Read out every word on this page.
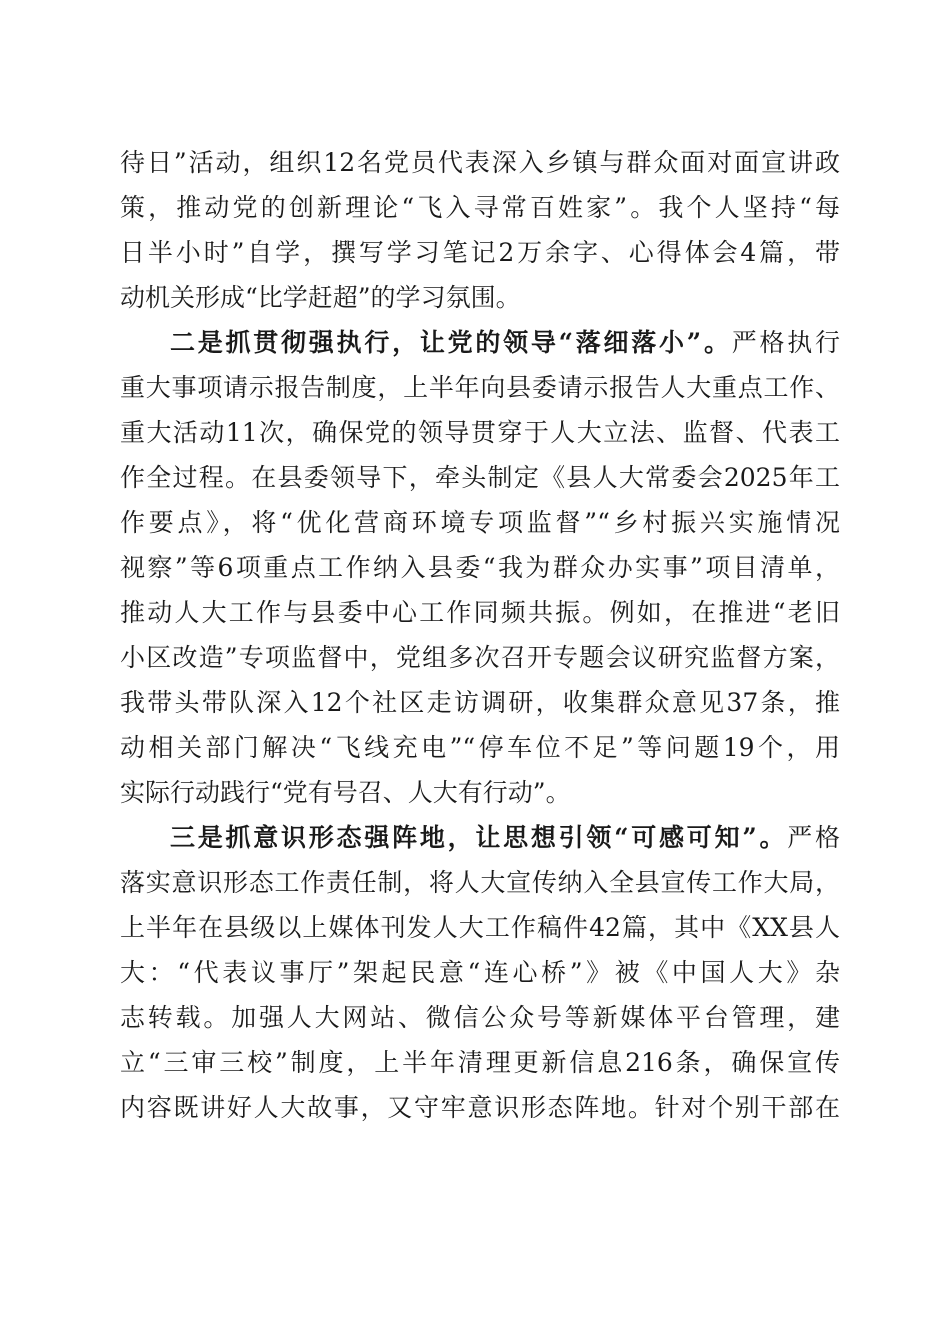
待日”活动，组织12名党员代表深入乡镇与群众面对面宣讲政
策，推动党的创新理论“飞入寻常百姓家”。我个人坚持“每
日半小时”自学，撰写学习笔记2万余字、心得体会4篇，带
动机关形成“比学赶超”的学习氛围。
二是抓贯彻强执行，让党的领导“落细落小”。严格执行
重大事项请示报告制度，上半年向县委请示报告人大重点工作、
重大活动11次，确保党的领导贯穿于人大立法、监督、代表工
作全过程。在县委领导下，牵头制定《县人大常委会2025年工
作要点》，将“优化营商环境专项监督”“乡村振兴实施情况
视察”等6项重点工作纳入县委“我为群众办实事”项目清单，
推动人大工作与县委中心工作同频共振。例如，在推进“老旧
小区改造”专项监督中，党组多次召开专题会议研究监督方案，
我带头带队深入12个社区走访调研，收集群众意见37条，推
动相关部门解决“飞线充电”“停车位不足”等问题19个，用
实际行动践行“党有号召、人大有行动”。
三是抓意识形态强阵地，让思想引领“可感可知”。严格
落实意识形态工作责任制，将人大宣传纳入全县宣传工作大局，
上半年在县级以上媒体刊发人大工作稿件42篇，其中《XX县人
大：“代表议事厅”架起民意“连心桥”》被《中国人大》杂
志转载。加强人大网站、微信公众号等新媒体平台管理，建
立“三审三校”制度，上半年清理更新信息216条，确保宣传
内容既讲好人大故事，又守牢意识形态阵地。针对个别干部在
